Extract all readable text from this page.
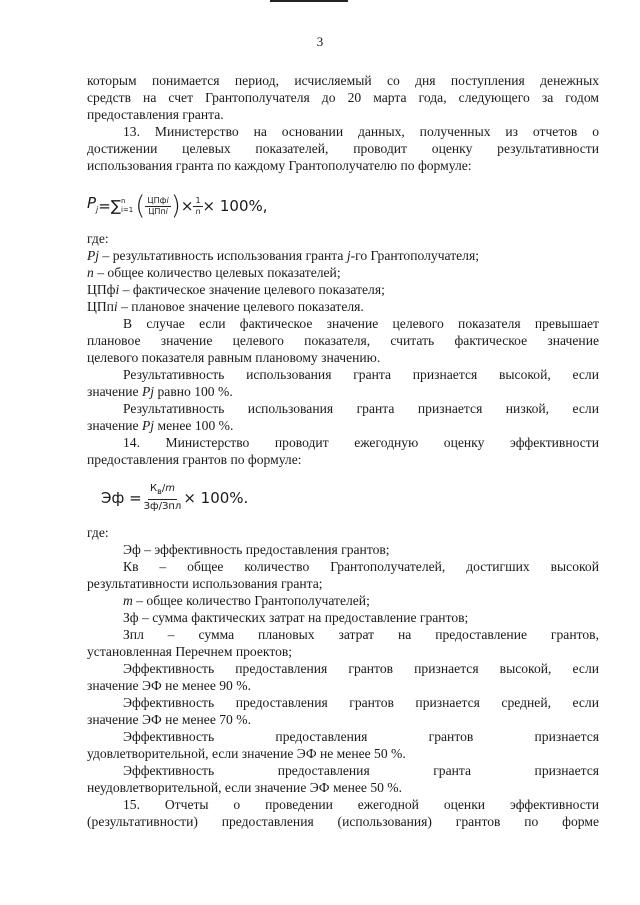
3

которым понимается период, исчисляемый со дня поступления денежных

средств на счет Грантополучателя до 20 марта года, следующего за годом

предоставления гранта.

13. Министерство на основании данных, полученных из отчетов о

достижении целевых показателей, проводит оценку результативности

использования гранта по каждому Грантополучателю по формуле:

$P_j$ = ∑ n
i=1 ( $\frac{\text{ЦПфi}}{\text{ЦПпi}}$ ) × $\frac{1}{n} \times 100\%$,

где:

Pj – результативность использования гранта j-го Грантополучателя;

n – общее количество целевых показателей;

ЦПфi – фактическое значение целевого показателя;

ЦПпi – плановое значение целевого показателя.

В случае если фактическое значение целевого показателя превышает

плановое значение целевого показателя, считать фактическое значение

целевого показателя равным плановому значению.

Результативность использования гранта признается высокой, если

значение Pj равно 100 %.

Результативность использования гранта признается низкой, если

значение Pj менее 100 %.

14. Министерство проводит ежегодную оценку эффективности

предоставления грантов по формуле:

Эф = $\frac{К_в/m}{\text{Зф/Зпл}} \times 100\%$.

где:

Эф – эффективность предоставления грантов;

Кв – общее количество Грантополучателей, достигших высокой

результативности использования гранта;

m – общее количество Грантополучателей;

Зф – сумма фактических затрат на предоставление грантов;

Зпл – сумма плановых затрат на предоставление грантов,

установленная Перечнем проектов;

Эффективность предоставления грантов признается высокой, если

значение ЭФ не менее 90 %.

Эффективность предоставления грантов признается средней, если

значение ЭФ не менее 70 %.

Эффективность предоставления грантов признается

удовлетворительной, если значение ЭФ не менее 50 %.

Эффективность предоставления гранта признается

неудовлетворительной, если значение ЭФ менее 50 %.

15. Отчеты о проведении ежегодной оценки эффективности

(результативности) предоставления (использования) грантов по форме
